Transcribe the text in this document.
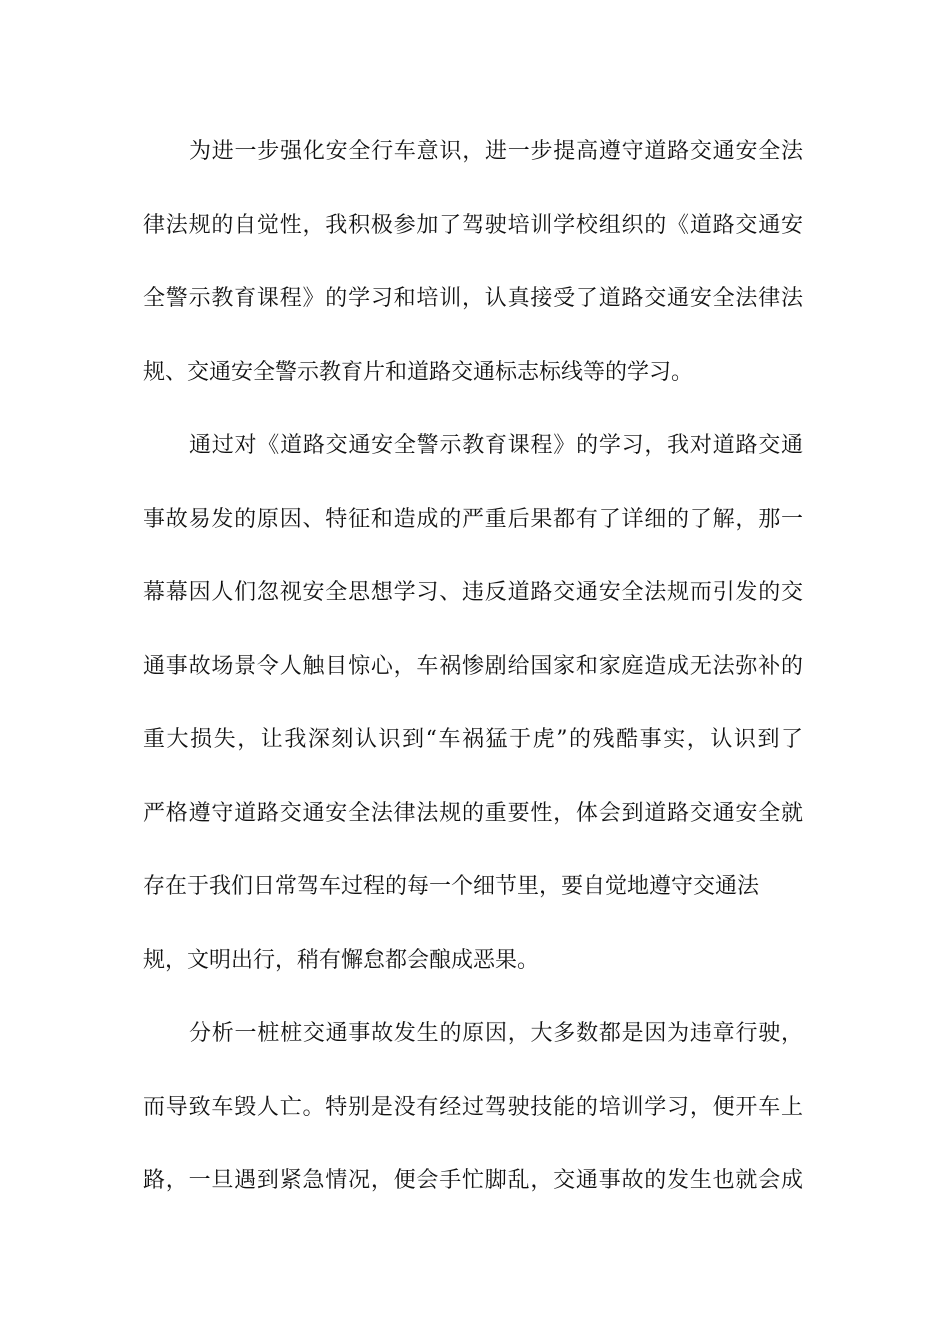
为进一步强化安全行车意识，进一步提高遵守道路交通安全法
律法规的自觉性，我积极参加了驾驶培训学校组织的《道路交通安
全警示教育课程》的学习和培训，认真接受了道路交通安全法律法
规、交通安全警示教育片和道路交通标志标线等的学习。
通过对《道路交通安全警示教育课程》的学习，我对道路交通
事故易发的原因、特征和造成的严重后果都有了详细的了解，那一
幕幕因人们忽视安全思想学习、违反道路交通安全法规而引发的交
通事故场景令人触目惊心，车祸惨剧给国家和家庭造成无法弥补的
重大损失，让我深刻认识到“车祸猛于虎”的残酷事实，认识到了
严格遵守道路交通安全法律法规的重要性，体会到道路交通安全就
存在于我们日常驾车过程的每一个细节里，要自觉地遵守交通法
规，文明出行，稍有懈怠都会酿成恶果。
分析一桩桩交通事故发生的原因，大多数都是因为违章行驶，
而导致车毁人亡。特别是没有经过驾驶技能的培训学习，便开车上
路，一旦遇到紧急情况，便会手忙脚乱，交通事故的发生也就会成
